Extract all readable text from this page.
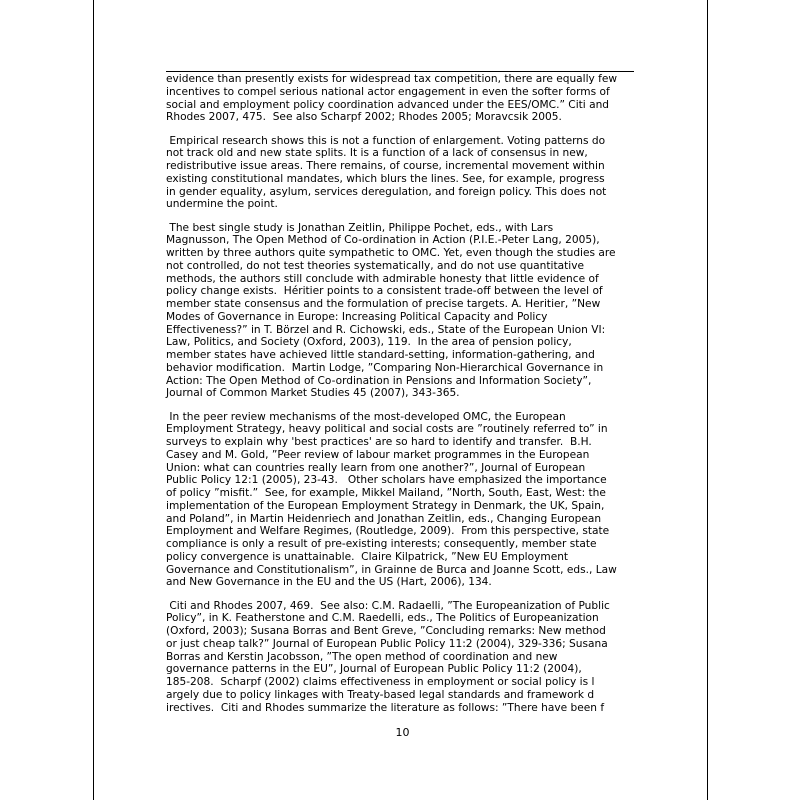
evidence than presently exists for widespread tax competition, there are equally few
incentives to compel serious national actor engagement in even the softer forms of
social and employment policy coordination advanced under the EES/OMC.” Citi and
Rhodes 2007, 475.  See also Scharpf 2002; Rhodes 2005; Moravcsik 2005.
Empirical research shows this is not a function of enlargement. Voting patterns do
not track old and new state splits. It is a function of a lack of consensus in new,
redistributive issue areas. There remains, of course, incremental movement within
existing constitutional mandates, which blurs the lines. See, for example, progress
in gender equality, asylum, services deregulation, and foreign policy. This does not
undermine the point.
The best single study is Jonathan Zeitlin, Philippe Pochet, eds., with Lars
Magnusson, The Open Method of Co-ordination in Action (P.I.E.-Peter Lang, 2005),
written by three authors quite sympathetic to OMC. Yet, even though the studies are
not controlled, do not test theories systematically, and do not use quantitative
methods, the authors still conclude with admirable honesty that little evidence of
policy change exists.  Héritier points to a consistent trade-off between the level of
member state consensus and the formulation of precise targets. A. Heritier, ”New
Modes of Governance in Europe: Increasing Political Capacity and Policy
Effectiveness?” in T. Börzel and R. Cichowski, eds., State of the European Union VI:
Law, Politics, and Society (Oxford, 2003), 119.  In the area of pension policy,
member states have achieved little standard-setting, information-gathering, and
behavior modification.  Martin Lodge, ”Comparing Non-Hierarchical Governance in
Action: The Open Method of Co-ordination in Pensions and Information Society”,
Journal of Common Market Studies 45 (2007), 343-365.
In the peer review mechanisms of the most-developed OMC, the European
Employment Strategy, heavy political and social costs are ”routinely referred to” in
surveys to explain why 'best practices' are so hard to identify and transfer.  B.H.
Casey and M. Gold, ”Peer review of labour market programmes in the European
Union: what can countries really learn from one another?”, Journal of European
Public Policy 12:1 (2005), 23-43.   Other scholars have emphasized the importance
of policy ”misfit.”  See, for example, Mikkel Mailand, ”North, South, East, West: the
implementation of the European Employment Strategy in Denmark, the UK, Spain,
and Poland”, in Martin Heidenriech and Jonathan Zeitlin, eds., Changing European
Employment and Welfare Regimes, (Routledge, 2009).  From this perspective, state
compliance is only a result of pre-existing interests; consequently, member state
policy convergence is unattainable.  Claire Kilpatrick, ”New EU Employment
Governance and Constitutionalism”, in Grainne de Burca and Joanne Scott, eds., Law
and New Governance in the EU and the US (Hart, 2006), 134.
Citi and Rhodes 2007, 469.  See also: C.M. Radaelli, ”The Europeanization of Public
Policy”, in K. Featherstone and C.M. Raedelli, eds., The Politics of Europeanization
(Oxford, 2003); Susana Borras and Bent Greve, ”Concluding remarks: New method
or just cheap talk?” Journal of European Public Policy 11:2 (2004), 329-336; Susana
Borras and Kerstin Jacobsson, ”The open method of coordination and new
governance patterns in the EU”, Journal of European Public Policy 11:2 (2004),
185-208.  Scharpf (2002) claims effectiveness in employment or social policy is l
argely due to policy linkages with Treaty-based legal standards and framework d
irectives.  Citi and Rhodes summarize the literature as follows: ”There have been f
10
